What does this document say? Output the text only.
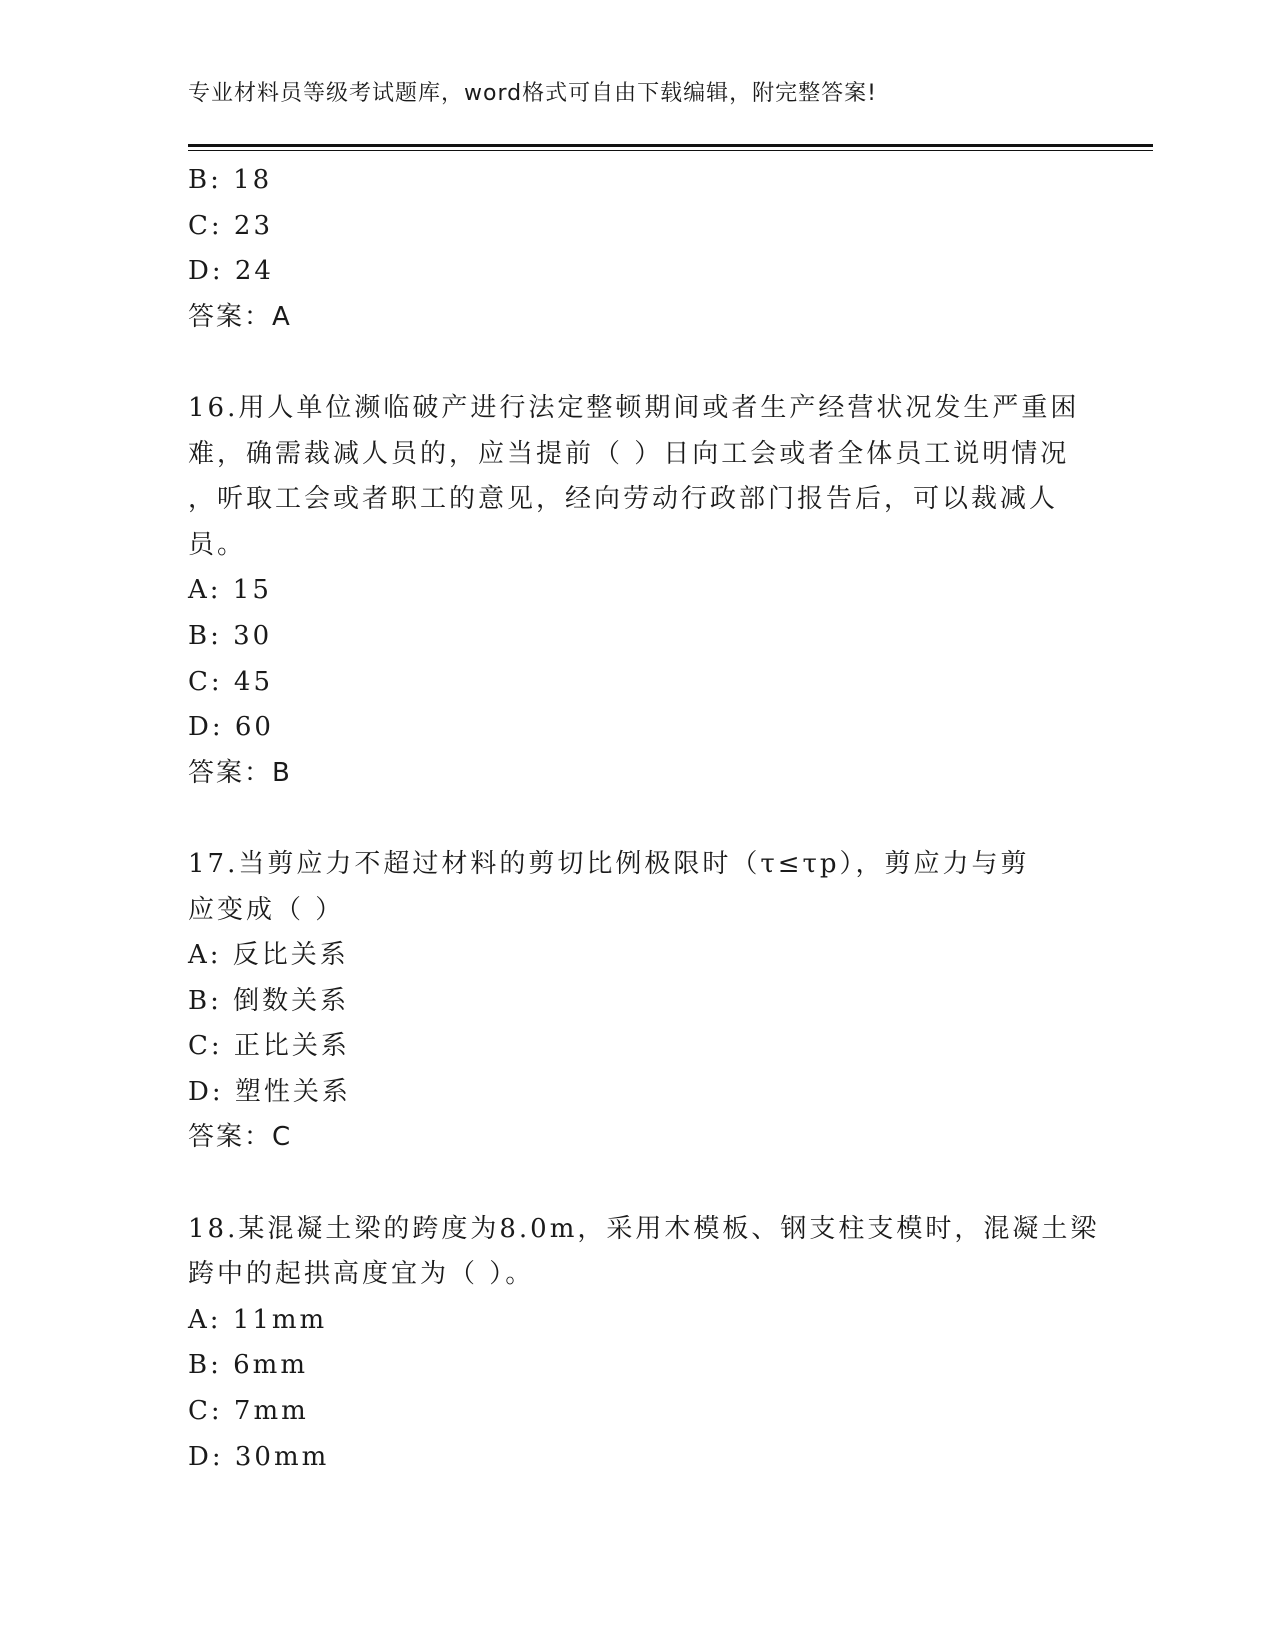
专业材料员等级考试题库，word格式可自由下载编辑，附完整答案!
B: 18
C: 23
D: 24
答案：A
16.用人单位濒临破产进行法定整顿期间或者生产经营状况发生严重困
难，确需裁减人员的，应当提前（ ）日向工会或者全体员工说明情况
，听取工会或者职工的意见，经向劳动行政部门报告后，可以裁减人
员。
A: 15
B: 30
C: 45
D: 60
答案：B
17.当剪应力不超过材料的剪切比例极限时（τ≤τp），剪应力与剪
应变成（ ）
A: 反比关系
B: 倒数关系
C: 正比关系
D: 塑性关系
答案：C
18.某混凝土梁的跨度为8.0m，采用木模板、钢支柱支模时，混凝土梁
跨中的起拱高度宜为（ ）。
A: 11mm
B: 6mm
C: 7mm
D: 30mm
